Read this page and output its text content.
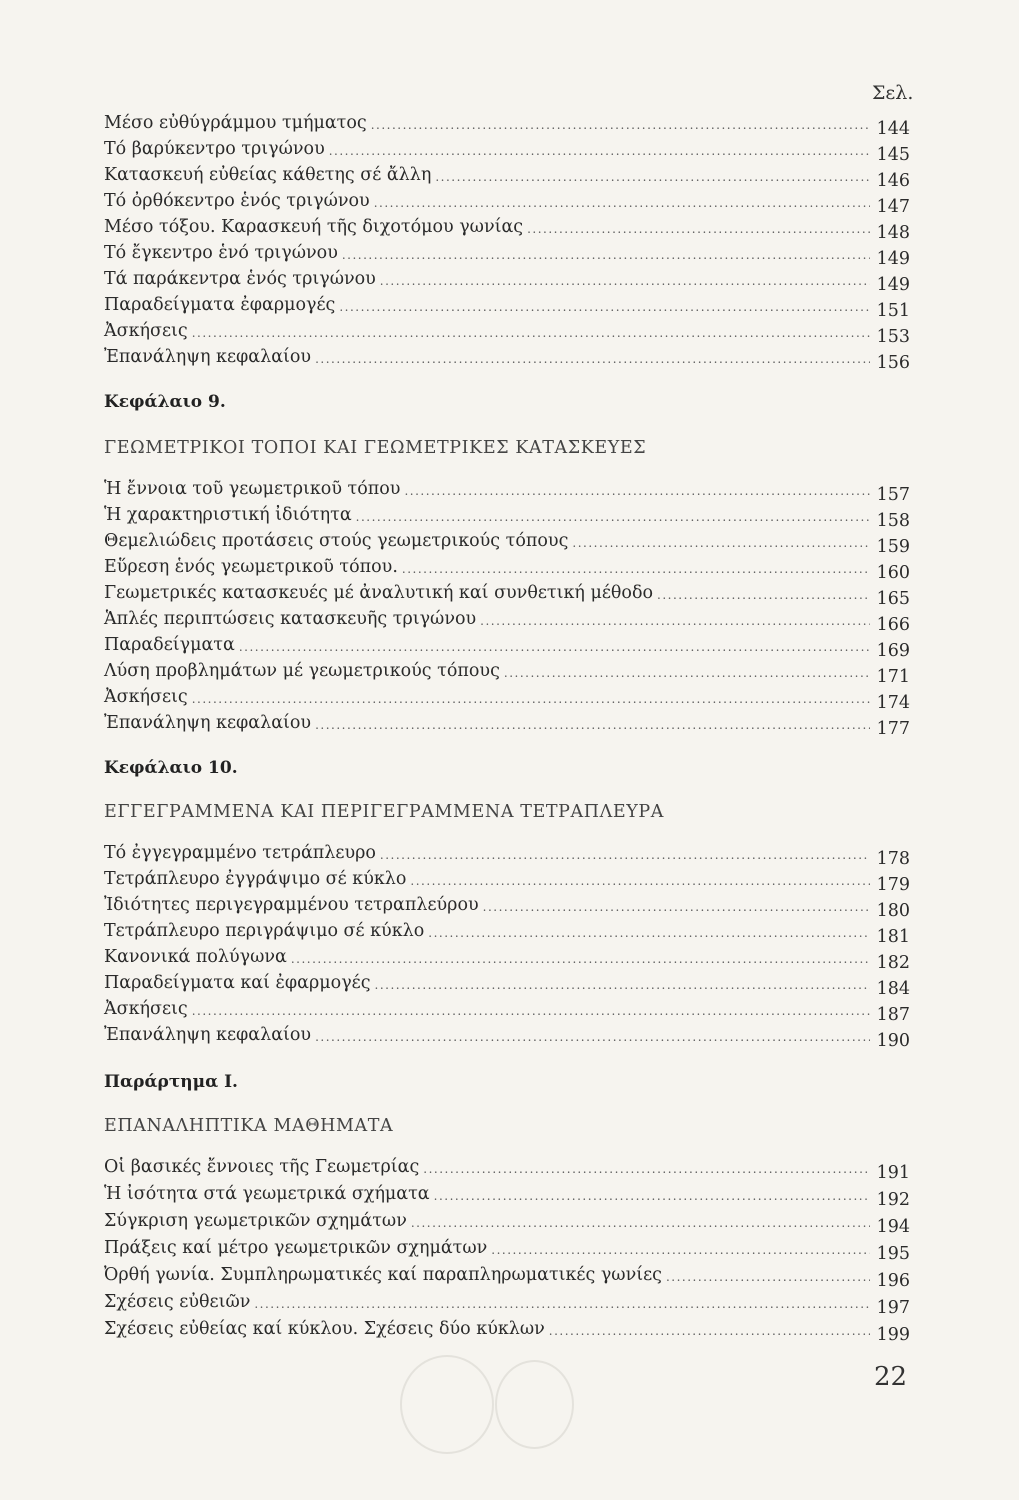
Σελ.
Μέσο εὐθύγράμμου τμήματος .....	144
Τό βαρύκεντρο τριγώνου .....	145
Κατασκευή εὐθείας κάθετης σέ ἄλλη .....	146
Τό ὀρθόκεντρο ἑνός τριγώνου .....	147
Μέσο τόξου. Καρασκευή τῆς διχοτόμου γωνίας .....	148
Τό ἔγκεντρο ἑνό τριγώνου .....	149
Τά παράκεντρα ἑνός τριγώνου .....	149
Παραδείγματα ἐφαρμογές .....	151
Ἀσκήσεις .....	153
Ἐπανάληψη κεφαλαίου .....	156
Κεφάλαιο 9.
ΓΕΩΜΕΤΡΙΚΟΙ ΤΟΠΟΙ ΚΑΙ ΓΕΩΜΕΤΡΙΚΕΣ ΚΑΤΑΣΚΕΥΕΣ
Ἡ ἔννοια τοῦ γεωμετρικοῦ τόπου .....	157
Ἡ χαρακτηριστική ἰδιότητα .....	158
Θεμελιώδεις προτάσεις στούς γεωμετρικούς τόπους .....	159
Εὕρεση ἑνός γεωμετρικοῦ τόπου. .....	160
Γεωμετρικές κατασκευές μέ ἀναλυτική καί συνθετική μέθοδο .....	165
Ἁπλές περιπτώσεις κατασκευῆς τριγώνου .....	166
Παραδείγματα .....	169
Λύση προβλημάτων μέ γεωμετρικούς τόπους .....	171
Ἀσκήσεις .....	174
Ἐπανάληψη κεφαλαίου .....	177
Κεφάλαιο 10.
ΕΓΓΕΓΡΑΜΜΕΝΑ ΚΑΙ ΠΕΡΙΓΕΓΡΑΜΜΕΝΑ ΤΕΤΡΑΠΛΕΥΡΑ
Τό ἐγγεγραμμένο τετράπλευρο .....	178
Τετράπλευρο ἐγγράψιμο σέ κύκλο .....	179
Ἰδιότητες περιγεγραμμένου τετραπλεύρου .....	180
Τετράπλευρο περιγράψιμο σέ κύκλο .....	181
Κανονικά πολύγωνα .....	182
Παραδείγματα καί ἐφαρμογές .....	184
Ἀσκήσεις .....	187
Ἐπανάληψη κεφαλαίου .....	190
Παράρτημα Ι.
ΕΠΑΝΑΛΗΠΤΙΚΑ ΜΑΘΗΜΑΤΑ
Οἱ βασικές ἔννοιες τῆς Γεωμετρίας .....	191
Ἡ ἰσότητα στά γεωμετρικά σχήματα .....	192
Σύγκριση γεωμετρικῶν σχημάτων .....	194
Πράξεις καί μέτρο γεωμετρικῶν σχημάτων .....	195
Ὀρθή γωνία. Συμπληρωματικές καί παραπληρωματικές γωνίες .....	196
Σχέσεις εὐθειῶν .....	197
Σχέσεις εὐθείας καί κύκλου. Σχέσεις δύο κύκλων .....	199
22
